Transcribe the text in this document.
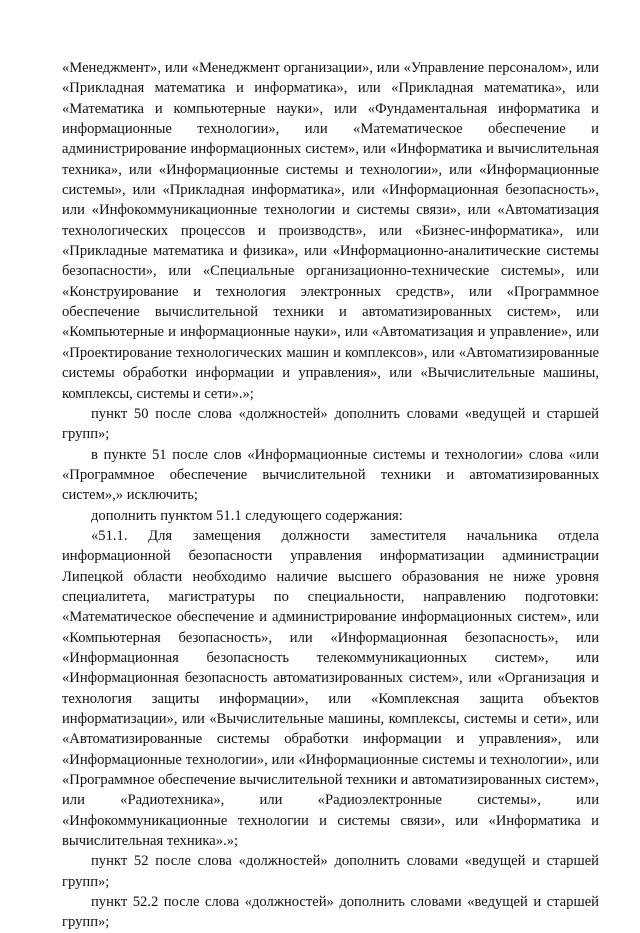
«Менеджмент», или «Менеджмент организации», или «Управление персоналом», или «Прикладная математика и информатика», или «Прикладная математика», или «Математика и компьютерные науки», или «Фундаментальная информатика и информационные технологии», или «Математическое обеспечение и администрирование информационных систем», или «Информатика и вычислительная техника», или «Информационные системы и технологии», или «Информационные системы», или «Прикладная информатика», или «Информационная безопасность», или «Инфокоммуникационные технологии и системы связи», или «Автоматизация технологических процессов и производств», или «Бизнес-информатика», или «Прикладные математика и физика», или «Информационно-аналитические системы безопасности», или «Специальные организационно-технические системы», или «Конструирование и технология электронных средств», или «Программное обеспечение вычислительной техники и автоматизированных систем», или «Компьютерные и информационные науки», или «Автоматизация и управление», или «Проектирование технологических машин и комплексов», или «Автоматизированные системы обработки информации и управления», или «Вычислительные машины, комплексы, системы и сети».»;

пункт 50 после слова «должностей» дополнить словами «ведущей и старшей групп»;

в пункте 51 после слов «Информационные системы и технологии» слова «или «Программное обеспечение вычислительной техники и автоматизированных систем»,» исключить;

дополнить пунктом 51.1 следующего содержания:

«51.1. Для замещения должности заместителя начальника отдела информационной безопасности управления информатизации администрации Липецкой области необходимо наличие высшего образования не ниже уровня специалитета, магистратуры по специальности, направлению подготовки: «Математическое обеспечение и администрирование информационных систем», или «Компьютерная безопасность», или «Информационная безопасность», или «Информационная безопасность телекоммуникационных систем», или «Информационная безопасность автоматизированных систем», или «Организация и технология защиты информации», или «Комплексная защита объектов информатизации», или «Вычислительные машины, комплексы, системы и сети», или «Автоматизированные системы обработки информации и управления», или «Информационные технологии», или «Информационные системы и технологии», или «Программное обеспечение вычислительной техники и автоматизированных систем», или «Радиотехника», или «Радиоэлектронные системы», или «Инфокоммуникационные технологии и системы связи», или «Информатика и вычислительная техника».»;

пункт 52 после слова «должностей» дополнить словами «ведущей и старшей групп»;

пункт 52.2 после слова «должностей» дополнить словами «ведущей и старшей групп»;
